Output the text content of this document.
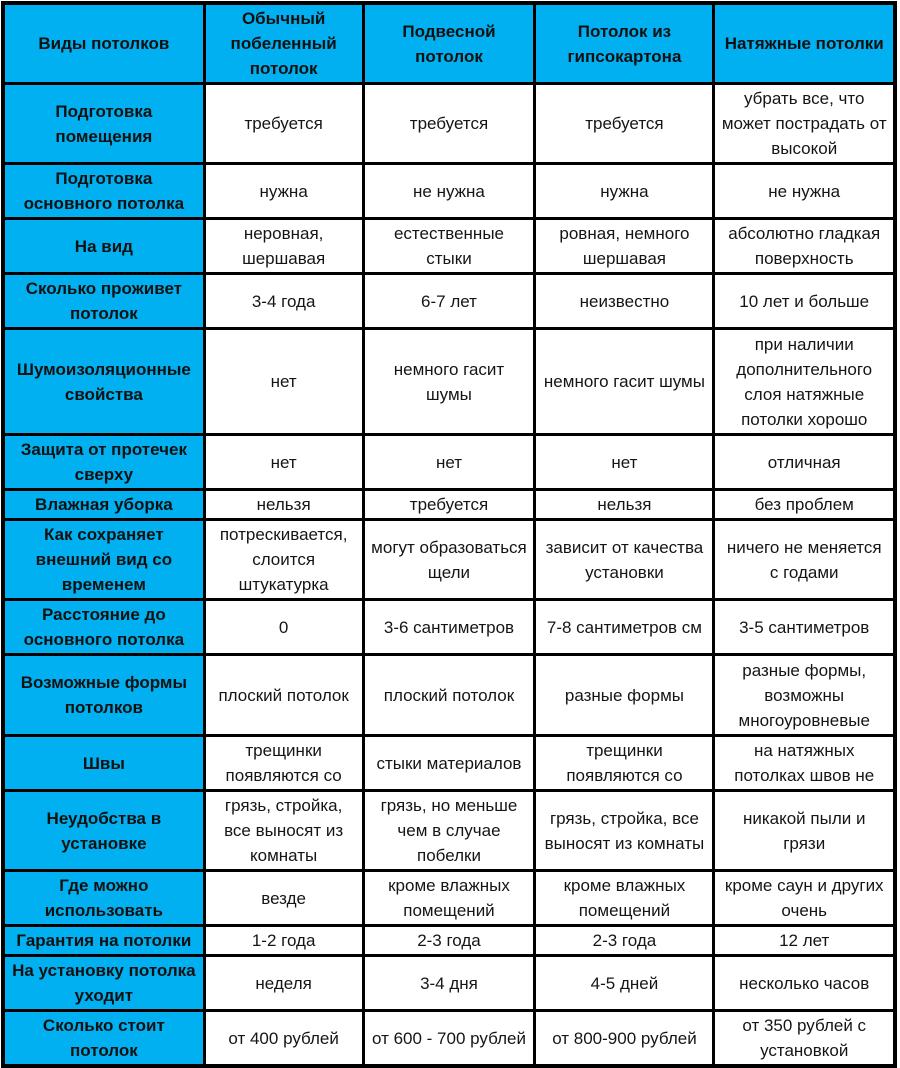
Виды потолков	Обычный побеленный потолок	Подвесной потолок	Потолок из гипсокартона	Натяжные потолки
Подготовка помещения	требуется	требуется	требуется	убрать все, что может пострадать от высокой
Подготовка основного потолка	нужна	не нужна	нужна	не нужна
На вид	неровная, шершавая	естественные стыки	ровная, немного шершавая	абсолютно гладкая поверхность
Сколько проживет потолок	3-4 года	6-7 лет	неизвестно	10 лет и больше
Шумоизоляционные свойства	нет	немного гасит шумы	немного гасит шумы	при наличии дополнительного слоя натяжные потолки хорошо
Защита от протечек сверху	нет	нет	нет	отличная
Влажная уборка	нельзя	требуется	нельзя	без проблем
Как сохраняет внешний вид со временем	потрескивается, слоится штукатурка	могут образоваться щели	зависит от качества установки	ничего не меняется с годами
Расстояние до основного потолка	0	3-6 сантиметров	7-8 сантиметров см	3-5 сантиметров
Возможные формы потолков	плоский потолок	плоский потолок	разные формы	разные формы, возможны многоуровневые
Швы	трещинки появляются со	стыки материалов	трещинки появляются со	на натяжных потолках швов не
Неудобства в установке	грязь, стройка, все выносят из комнаты	грязь, но меньше чем в случае побелки	грязь, стройка, все выносят из комнаты	никакой пыли и грязи
Где можно использовать	везде	кроме влажных помещений	кроме влажных помещений	кроме саун и других очень
Гарантия на потолки	1-2 года	2-3 года	2-3 года	12 лет
На установку потолка уходит	неделя	3-4 дня	4-5 дней	несколько часов
Сколько стоит потолок	от 400 рублей	от 600 - 700 рублей	от 800-900 рублей	от 350 рублей с установкой
